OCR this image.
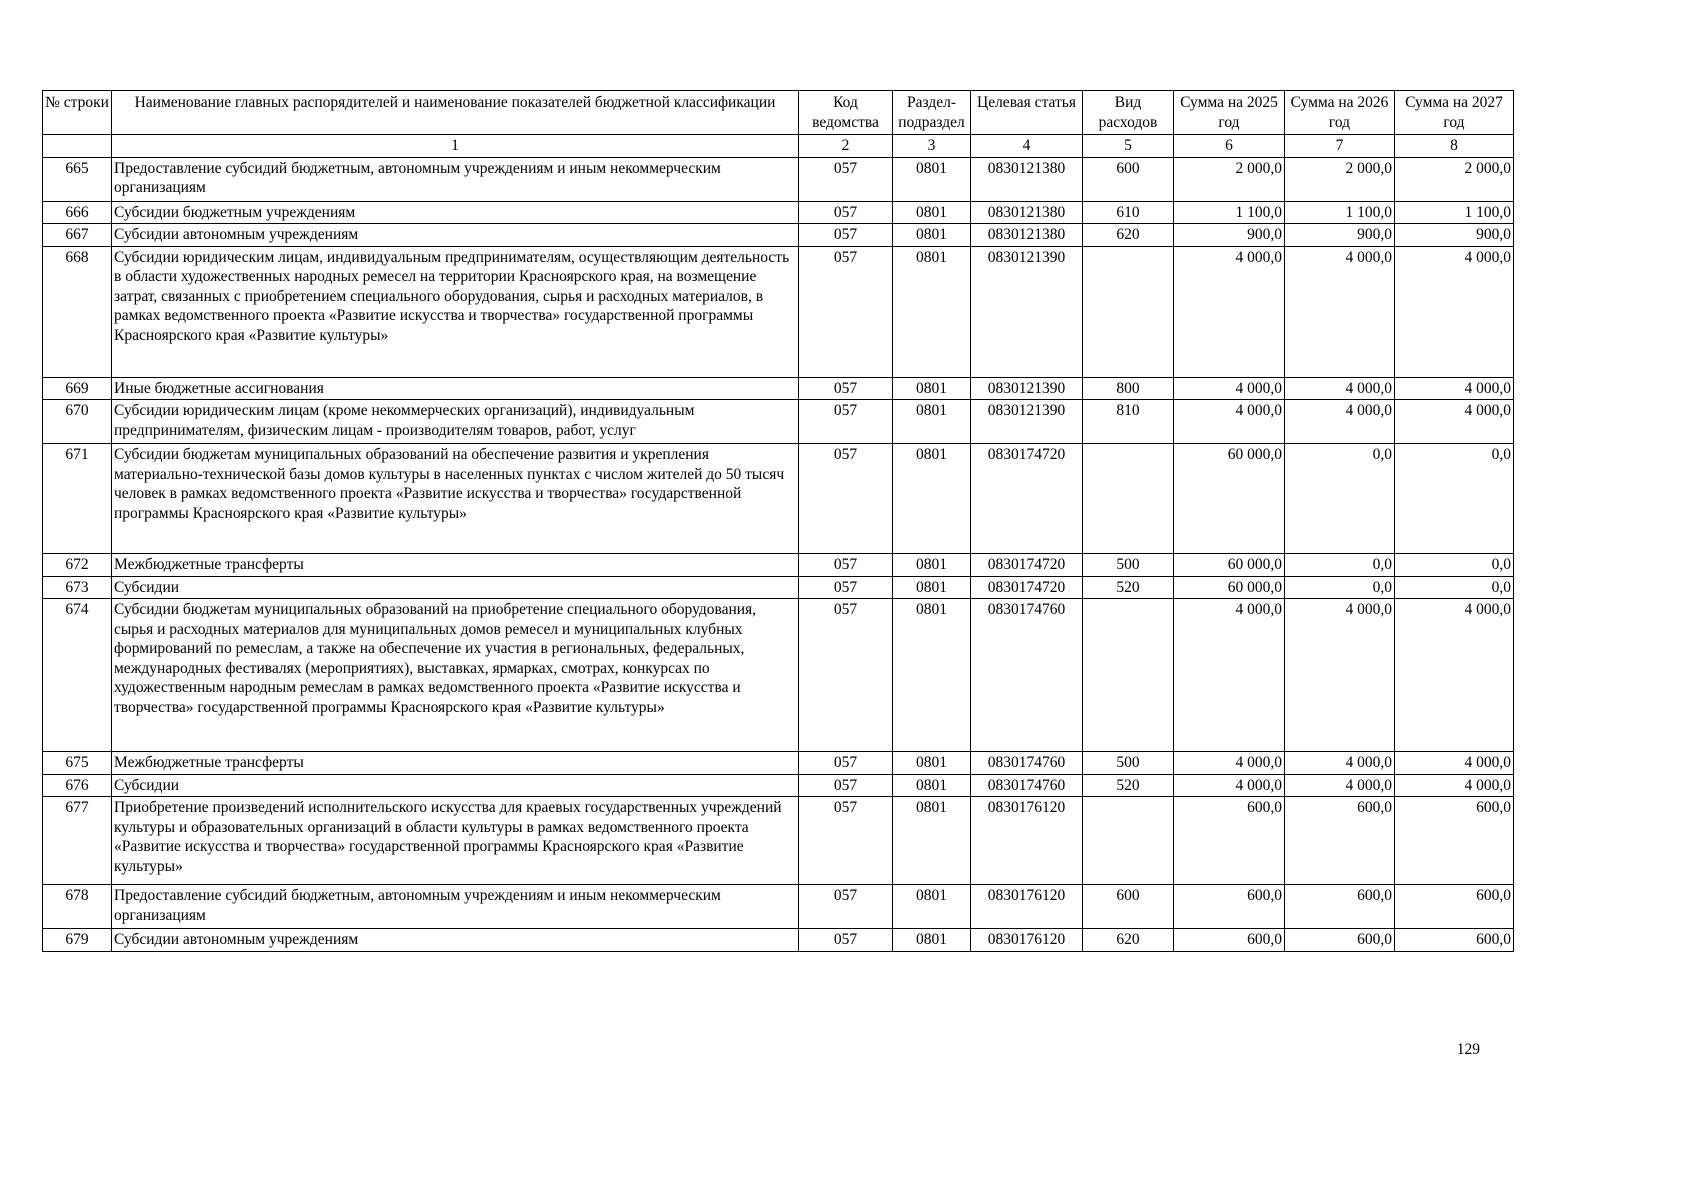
№ строки	Наименование главных распорядителей и наименование показателей бюджетной классификации	Код ведомства	Раздел-подраздел	Целевая статья	Вид расходов	Сумма на 2025 год	Сумма на 2026 год	Сумма на 2027 год
	1	2	3	4	5	6	7	8
665	Предоставление субсидий бюджетным, автономным учреждениям и иным некоммерческим организациям	057	0801	0830121380	600	2 000,0	2 000,0	2 000,0
666	Субсидии бюджетным учреждениям	057	0801	0830121380	610	1 100,0	1 100,0	1 100,0
667	Субсидии автономным учреждениям	057	0801	0830121380	620	900,0	900,0	900,0
668	Субсидии юридическим лицам, индивидуальным предпринимателям, осуществляющим деятельность в области художественных народных ремесел на территории Красноярского края, на возмещение затрат, связанных с приобретением специального оборудования, сырья и расходных материалов, в рамках ведомственного проекта «Развитие искусства и творчества» государственной программы Красноярского края «Развитие культуры»	057	0801	0830121390		4 000,0	4 000,0	4 000,0
669	Иные бюджетные ассигнования	057	0801	0830121390	800	4 000,0	4 000,0	4 000,0
670	Субсидии юридическим лицам (кроме некоммерческих организаций), индивидуальным предпринимателям, физическим лицам - производителям товаров, работ, услуг	057	0801	0830121390	810	4 000,0	4 000,0	4 000,0
671	Субсидии бюджетам муниципальных образований на обеспечение развития и укрепления материально-технической базы домов культуры в населенных пунктах с числом жителей до 50 тысяч человек в рамках ведомственного проекта «Развитие искусства и творчества» государственной программы Красноярского края «Развитие культуры»	057	0801	0830174720		60 000,0	0,0	0,0
672	Межбюджетные трансферты	057	0801	0830174720	500	60 000,0	0,0	0,0
673	Субсидии	057	0801	0830174720	520	60 000,0	0,0	0,0
674	Субсидии бюджетам муниципальных образований на приобретение специального оборудования, сырья и расходных материалов для муниципальных домов ремесел и муниципальных клубных формирований по ремеслам, а также на обеспечение их участия в региональных, федеральных, международных фестивалях (мероприятиях), выставках, ярмарках, смотрах, конкурсах по художественным народным ремеслам в рамках ведомственного проекта «Развитие искусства и творчества» государственной программы Красноярского края «Развитие культуры»	057	0801	0830174760		4 000,0	4 000,0	4 000,0
675	Межбюджетные трансферты	057	0801	0830174760	500	4 000,0	4 000,0	4 000,0
676	Субсидии	057	0801	0830174760	520	4 000,0	4 000,0	4 000,0
677	Приобретение произведений исполнительского искусства для краевых государственных учреждений культуры и образовательных организаций в области культуры в рамках ведомственного проекта «Развитие искусства и творчества» государственной программы Красноярского края «Развитие культуры»	057	0801	0830176120		600,0	600,0	600,0
678	Предоставление субсидий бюджетным, автономным учреждениям и иным некоммерческим организациям	057	0801	0830176120	600	600,0	600,0	600,0
679	Субсидии автономным учреждениям	057	0801	0830176120	620	600,0	600,0	600,0
129
